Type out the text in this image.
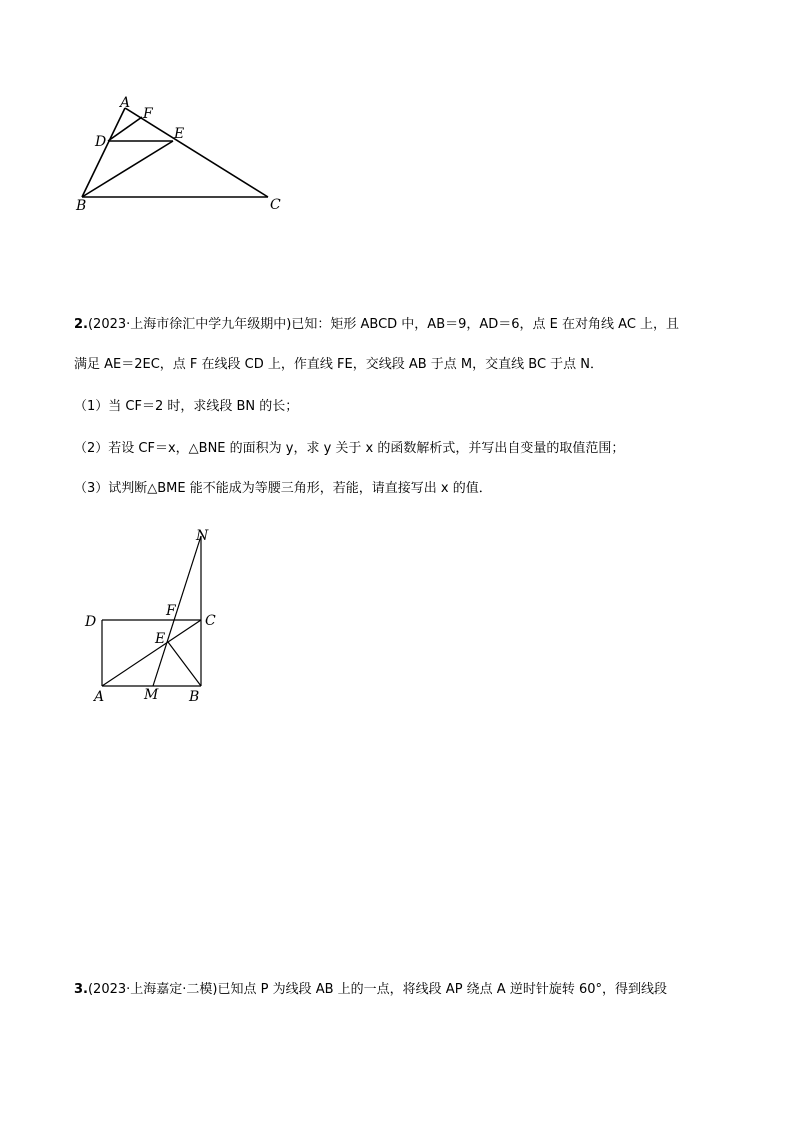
A
F
D	E
B	C
2.(2023·上海市徐汇中学九年级期中)已知：矩形 ABCD 中，AB＝9，AD＝6，点 E 在对角线 AC 上，且
满足 AE＝2EC，点 F 在线段 CD 上，作直线 FE，交线段 AB 于点 M，交直线 BC 于点 N．
（1）当 CF＝2 时，求线段 BN 的长；
（2）若设 CF＝x，△BNE 的面积为 y，求 y 关于 x 的函数解析式，并写出自变量的取值范围；
（3）试判断△BME 能不能成为等腰三角形，若能，请直接写出 x 的值．
N
D
F
C
E
A	M B
3.(2023·上海嘉定·二模)已知点 P 为线段 AB 上的一点，将线段 AP 绕点 A 逆时针旋转 60°，得到线段
